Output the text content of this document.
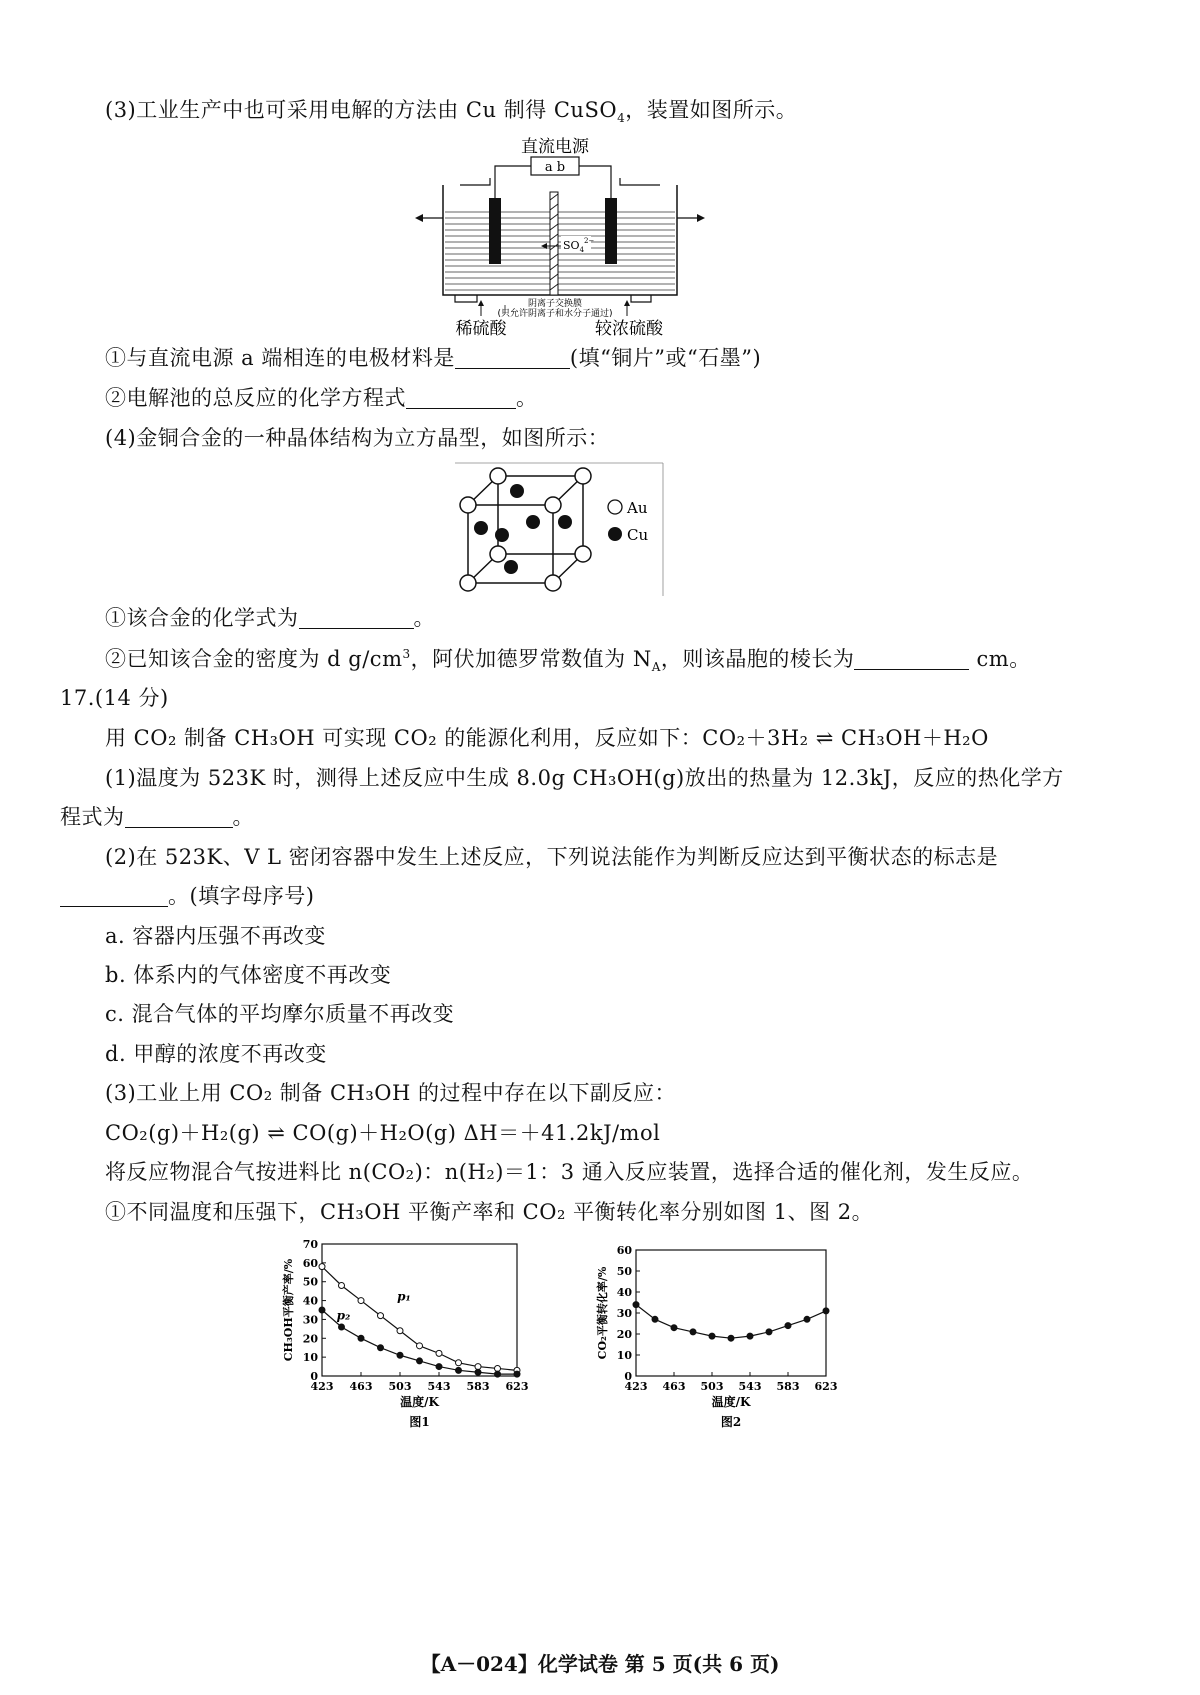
(3)工业生产中也可采用电解的方法由 Cu 制得 CuSO$_4$，装置如图所示。
直流电源
a b
$SO_4^{2-}$
阴离子交换膜
(只允许阴离子和水分子通过)
稀硫酸	较浓硫酸
①与直流电源 a 端相连的电极材料是	(填“铜片”或“石墨”)
②电解池的总反应的化学方程式	。
(4)金铜合金的一种晶体结构为立方晶型，如图所示：
Au
Cu
①该合金的化学式为	。
②已知该合金的密度为 d $g/cm^3$，阿伏加德罗常数值为 $N_A$，则该晶胞的棱长为	cm。
17.(14 分)
用 CO₂ 制备 CH₃OH 可实现 CO₂ 的能源化利用，反应如下：CO₂＋3H₂ ⇌ CH₃OH＋H₂O
(1)温度为 523K 时，测得上述反应中生成 8.0g CH₃OH(g)放出的热量为 12.3kJ，反应的热化学方
程式为	。
(2)在 523K、V L 密闭容器中发生上述反应，下列说法能作为判断反应达到平衡状态的标志是
。(填字母序号)
a. 容器内压强不再改变
b. 体系内的气体密度不再改变
c. 混合气体的平均摩尔质量不再改变
d. 甲醇的浓度不再改变
(3)工业上用 CO₂ 制备 CH₃OH 的过程中存在以下副反应：
CO₂(g)＋H₂(g) ⇌ CO(g)＋H₂O(g) ΔH＝＋41.2kJ/mol
将反应物混合气按进料比 n(CO₂)：n(H₂)＝1：3 通入反应装置，选择合适的催化剂，发生反应。
①不同温度和压强下，CH₃OH 平衡产率和 CO₂ 平衡转化率分别如图 1、图 2。
0
10
20
30
40
50
60
70
423 463 503 543 583 623
温度/K
图1
CH₃OH平衡产率/%	p₁
p₂
0
10
20
30
40
50
60
423 463 503 543 583 623
温度/K
图2
CO₂平衡转化率/%
【A－024】化学试卷 第 5 页(共 6 页)
